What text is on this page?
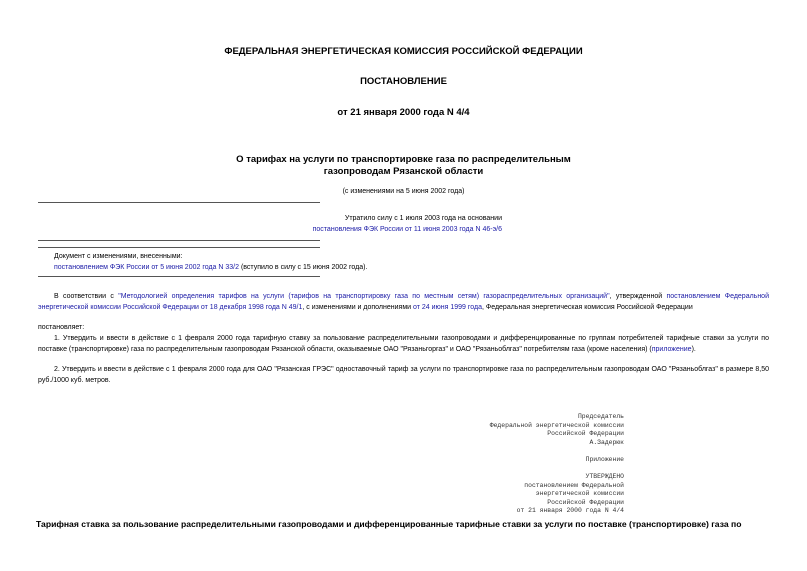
ФЕДЕРАЛЬНАЯ ЭНЕРГЕТИЧЕСКАЯ КОМИССИЯ РОССИЙСКОЙ ФЕДЕРАЦИИ
ПОСТАНОВЛЕНИЕ
от 21 января 2000 года N 4/4
О тарифах на услуги по транспортировке газа по распределительным
газопроводам Рязанской области
(с изменениями на 5 июня 2002 года)
Утратило силу с 1 июля 2003 года на основании
постановления ФЭК России от 11 июня 2003 года N 46-э/6
Документ с изменениями, внесенными:
постановлением ФЭК России от 5 июня 2002 года N 33/2 (вступило в силу с 15 июня 2002 года).
В соответствии с "Методологией определения тарифов на услуги (тарифов на транспортировку газа по местным сетям) газораспределительных организаций", утвержденной постановлением Федеральной энергетической комиссии Российской Федерации от 18 декабря 1998 года N 49/1, с изменениями и дополнениями от 24 июня 1999 года, Федеральная энергетическая комиссия Российской Федерации
постановляет:
1. Утвердить и ввести в действие с 1 февраля 2000 года тарифную ставку за пользование распределительными газопроводами и дифференцированные по группам потребителей тарифные ставки за услуги по поставке (транспортировке) газа по распределительным газопроводам Рязанской области, оказываемые ОАО "Рязаньгоргаз" и ОАО "Рязаньоблгаз" потребителям газа (кроме населения) (приложение).
2. Утвердить и ввести в действие с 1 февраля 2000 года для ОАО "Рязанская ГРЭС" одноставочный тариф за услуги по транспортировке газа по распределительным газопроводам ОАО "Рязаньоблгаз" в размере 8,50 руб./1000 куб. метров.
Председатель
Федеральной энергетической комиссии
Российской Федерации
А.Задерюк
Приложение
УТВЕРЖДЕНО
постановлением Федеральной
энергетической комиссии
Российской Федерации
от 21 января 2000 года N 4/4
Тарифная ставка за пользование распределительными газопроводами и дифференцированные тарифные ставки за услуги по поставке (транспортировке) газа по
